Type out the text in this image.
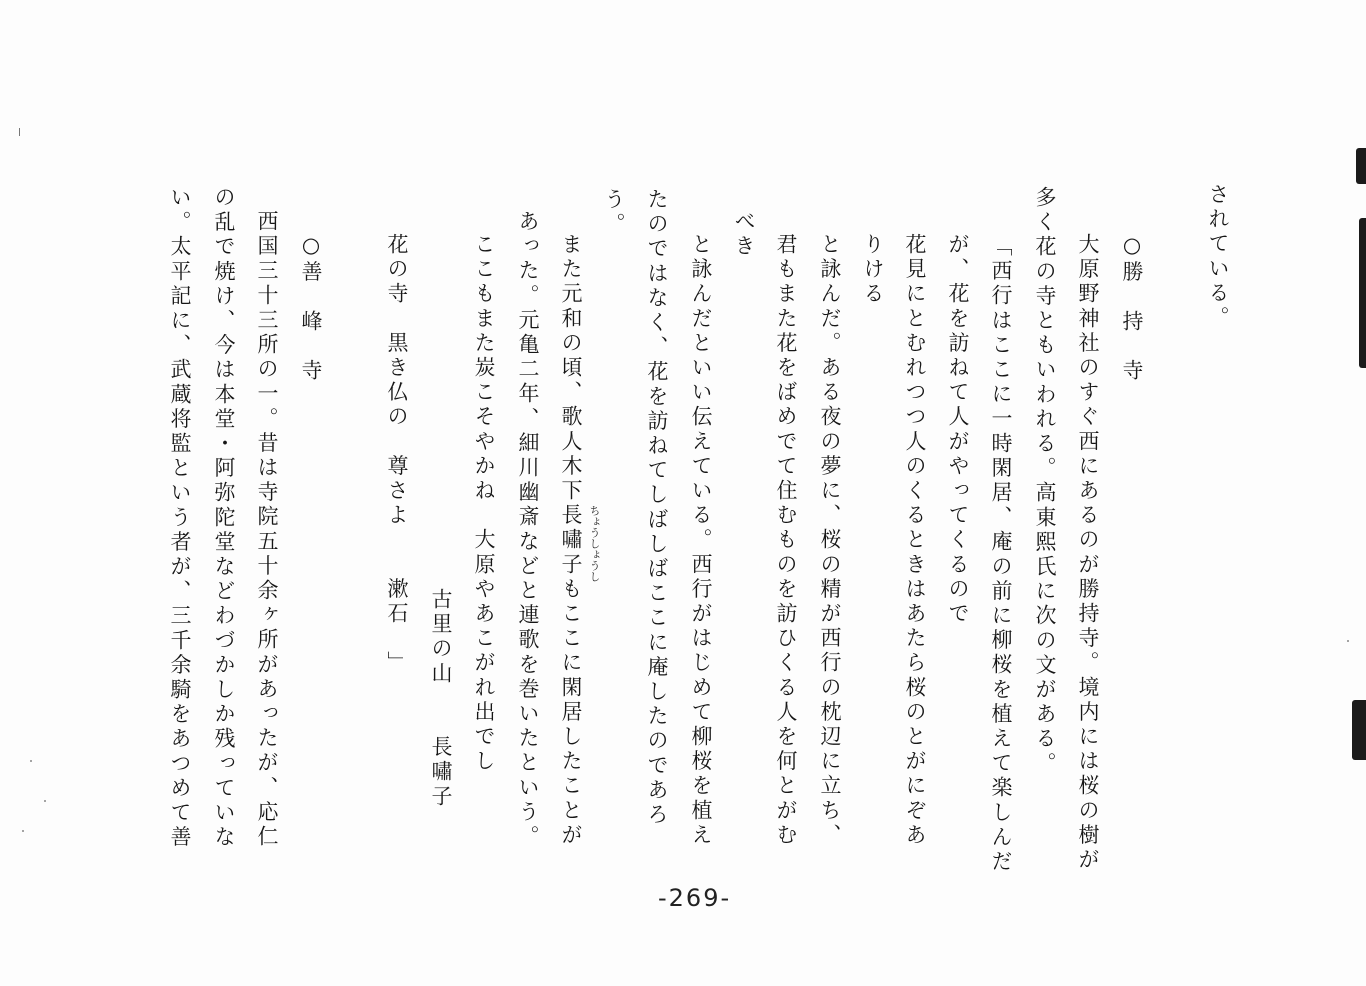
されている。
○勝　持　寺
大原野神社のすぐ西にあるのが勝持寺。境内には桜の樹が
多く花の寺ともいわれる。高東熙氏に次の文がある。
「西行はここに一時閑居、庵の前に柳桜を植えて楽しんだ
が、花を訪ねて人がやってくるので
花見にとむれつつ人のくるときはあたら桜のとがにぞあ
りける
と詠んだ。ある夜の夢に、桜の精が西行の枕辺に立ち、
君もまた花をばめでて住むものを訪ひくる人を何とがむ
べき
と詠んだといい伝えている。西行がはじめて柳桜を植え
たのではなく、花を訪ねてしばしばここに庵したのであろ
う。
また元和の頃、歌人木下長嘯子もここに閑居したことが ちょうしょうし
あった。元亀二年、細川幽斎などと連歌を巻いたという。
ここもまた炭こそやかね　大原やあこがれ出でし
古里の山　　長嘯子
花の寺　黒き仏の　尊さよ　　漱石　」
○善　峰　寺
西国三十三所の一。昔は寺院五十余ヶ所があったが、応仁
の乱で焼け、今は本堂・阿弥陀堂などわづかしか残っていな
い。太平記に、武蔵将監という者が、三千余騎をあつめて善
-269-
